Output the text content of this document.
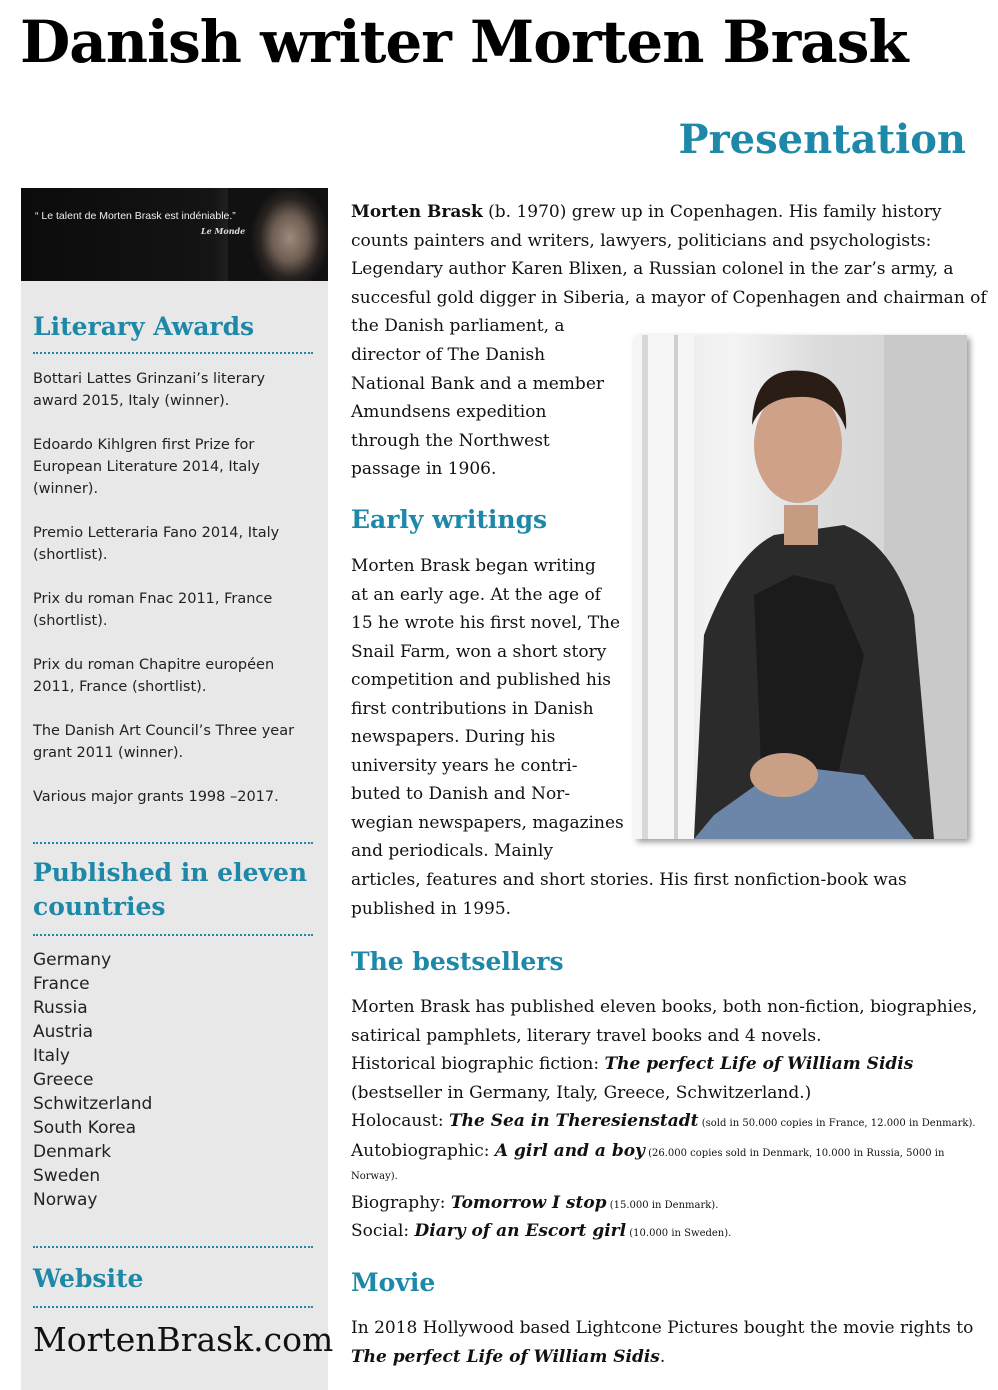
Danish writer Morten Brask
Presentation
“ Le talent de Morten Brask est indéniable.”
Le Monde
Literary Awards
Bottari Lattes Grinzani’s literary award 2015, Italy (winner).
Edoardo Kihlgren first Prize for European Literature 2014, Italy (winner).
Premio Letteraria Fano 2014, Italy (shortlist).
Prix du roman Fnac 2011, France (shortlist).
Prix du roman Chapitre européen 2011, France (shortlist).
The Danish Art Council’s Three year grant 2011 (winner).
Various major grants 1998 –2017.
Published in eleven countries
Germany
France
Russia
Austria
Italy
Greece
Schwitzerland
South Korea
Denmark
Sweden
Norway
Website
MortenBrask.com
Morten Brask (b. 1970) grew up in Copenhagen. His family history
counts painters and writers, lawyers, politicians and psychologists:
Legendary author Karen Blixen, a Russian colonel in the zar’s army, a
succesful gold digger in Siberia, a mayor of Copenhagen and chairman of
the Danish parliament, a
director of The Danish
National Bank and a member
Amundsens expedition
through the Northwest
passage in 1906.
Early writings
Morten Brask began writing
at an early age. At the age of
15 he wrote his first novel, The
Snail Farm, won a short story
competition and published his
first contributions in Danish
newspapers. During his
university years he contri-
buted to Danish and Nor-
wegian newspapers, magazines
and periodicals. Mainly
articles, features and short stories. His first nonfiction-book was
published in 1995.
The bestsellers
Morten Brask has published eleven books, both non-fiction, biographies,
satirical pamphlets, literary travel books and 4 novels.
Historical biographic fiction: The perfect Life of William Sidis
(bestseller in Germany, Italy, Greece, Schwitzerland.)
Holocaust: The Sea in Theresienstadt (sold in 50.000 copies in France, 12.000 in Denmark).
Autobiographic: A girl and a boy (26.000 copies sold in Denmark, 10.000 in Russia, 5000 in
Norway).
Biography: Tomorrow I stop (15.000 in Denmark).
Social: Diary of an Escort girl (10.000 in Sweden).
Movie
In 2018 Hollywood based Lightcone Pictures bought the movie rights to
The perfect Life of William Sidis.
